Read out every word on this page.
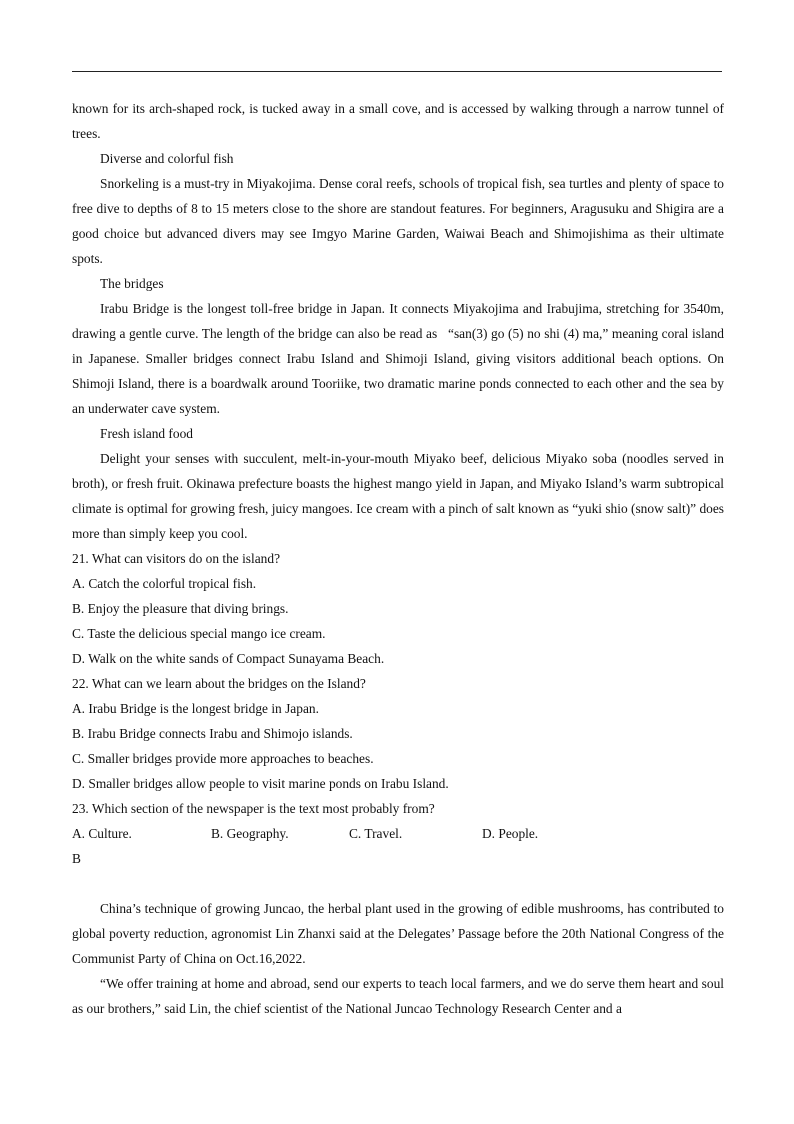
known for its arch-shaped rock, is tucked away in a small cove, and is accessed by walking through a narrow tunnel of trees.

Diverse and colorful fish

Snorkeling is a must-try in Miyakojima. Dense coral reefs, schools of tropical fish, sea turtles and plenty of space to free dive to depths of 8 to 15 meters close to the shore are standout features. For beginners, Aragusuku and Shigira are a good choice but advanced divers may see Imgyo Marine Garden, Waiwai Beach and Shimojishima as their ultimate spots.

The bridges

Irabu Bridge is the longest toll-free bridge in Japan. It connects Miyakojima and Irabujima, stretching for 3540m, drawing a gentle curve. The length of the bridge can also be read as   “san(3) go (5) no shi (4) ma,” meaning coral island in Japanese. Smaller bridges connect Irabu Island and Shimoji Island, giving visitors additional beach options. On Shimoji Island, there is a boardwalk around Tooriike, two dramatic marine ponds connected to each other and the sea by an underwater cave system.

Fresh island food

Delight your senses with succulent, melt-in-your-mouth Miyako beef, delicious Miyako soba (noodles served in broth), or fresh fruit. Okinawa prefecture boasts the highest mango yield in Japan, and Miyako Island’s warm subtropical climate is optimal for growing fresh, juicy mangoes. Ice cream with a pinch of salt known as “yuki shio (snow salt)” does more than simply keep you cool.

21. What can visitors do on the island?

A. Catch the colorful tropical fish.

B. Enjoy the pleasure that diving brings.

C. Taste the delicious special mango ice cream.

D. Walk on the white sands of Compact Sunayama Beach.

22. What can we learn about the bridges on the Island?

A. Irabu Bridge is the longest bridge in Japan.

B. Irabu Bridge connects Irabu and Shimojo islands.

C. Smaller bridges provide more approaches to beaches.

D. Smaller bridges allow people to visit marine ponds on Irabu Island.

23. Which section of the newspaper is the text most probably from?

A. Culture.	B. Geography.	C. Travel.	D. People.

B

China’s technique of growing Juncao, the herbal plant used in the growing of edible mushrooms, has contributed to global poverty reduction, agronomist Lin Zhanxi said at the Delegates’ Passage before the 20th National Congress of the Communist Party of China on Oct.16,2022.

“We offer training at home and abroad, send our experts to teach local farmers, and we do serve them heart and soul as our brothers,” said Lin, the chief scientist of the National Juncao Technology Research Center and a
